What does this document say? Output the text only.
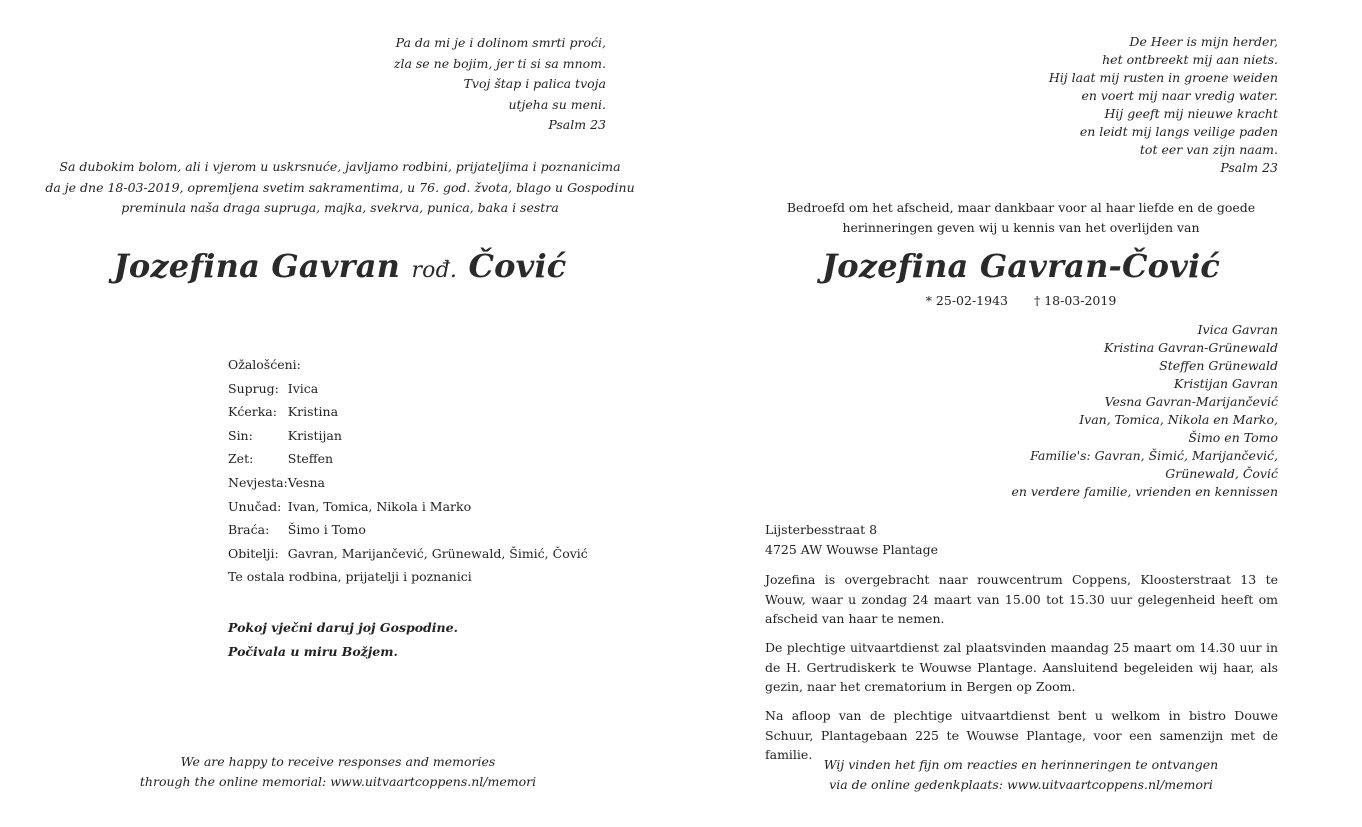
Pa da mi je i dolinom smrti proći,
zla se ne bojim, jer ti si sa mnom.
Tvoj štap i palica tvoja
utjeha su meni.
Psalm 23
Sa dubokim bolom, ali i vjerom u uskrsnuće, javljamo rodbini, prijateljima i poznanicima
da je dne 18-03-2019, opremljena svetim sakramentima, u 76. god. žvota, blago u Gospodinu
preminula naša draga supruga, majka, svekrva, punica, baka i sestra
Jozefina Gavran rođ. Čović
Ožalošćeni:
Suprug:	Ivica
Kćerka:	Kristina
Sin:	Kristijan
Zet:	Steffen
Nevjesta:	Vesna
Unučad:	Ivan, Tomica, Nikola i Marko
Braća:	Šimo i Tomo
Obitelji:	Gavran, Marijančević, Grünewald, Šimić, Čović
Te ostala rodbina, prijatelji i poznanici
Pokoj vječni daruj joj Gospodine.
Počivala u miru Božjem.
We are happy to receive responses and memories
through the online memorial: www.uitvaartcoppens.nl/memori
De Heer is mijn herder,
het ontbreekt mij aan niets.
Hij laat mij rusten in groene weiden
en voert mij naar vredig water.
Hij geeft mij nieuwe kracht
en leidt mij langs veilige paden
tot eer van zijn naam.
Psalm 23
Bedroefd om het afscheid, maar dankbaar voor al haar liefde en de goede
herinneringen geven wij u kennis van het overlijden van
Jozefina Gavran-Čović
* 25-02-1943 † 18-03-2019
Ivica Gavran
Kristina Gavran-Grünewald
Steffen Grünewald
Kristijan Gavran
Vesna Gavran-Marijančević
Ivan, Tomica, Nikola en Marko,
Šimo en Tomo
Familie's: Gavran, Šimić, Marijančević,
Grünewald, Čović
en verdere familie, vrienden en kennissen
Lijsterbesstraat 8
4725 AW Wouwse Plantage

Jozefina is overgebracht naar rouwcentrum Coppens, Kloosterstraat 13 te Wouw, waar u zondag 24 maart van 15.00 tot 15.30 uur gelegenheid heeft om afscheid van haar te nemen.

De plechtige uitvaartdienst zal plaatsvinden maandag 25 maart om 14.30 uur in de H. Gertrudiskerk te Wouwse Plantage. Aansluitend begeleiden wij haar, als gezin, naar het crematorium in Bergen op Zoom.

Na afloop van de plechtige uitvaartdienst bent u welkom in bistro Douwe Schuur, Plantagebaan 225 te Wouwse Plantage, voor een samenzijn met de familie.

Wij vinden het fijn om reacties en herinneringen te ontvangen
via de online gedenkplaats: www.uitvaartcoppens.nl/memori
